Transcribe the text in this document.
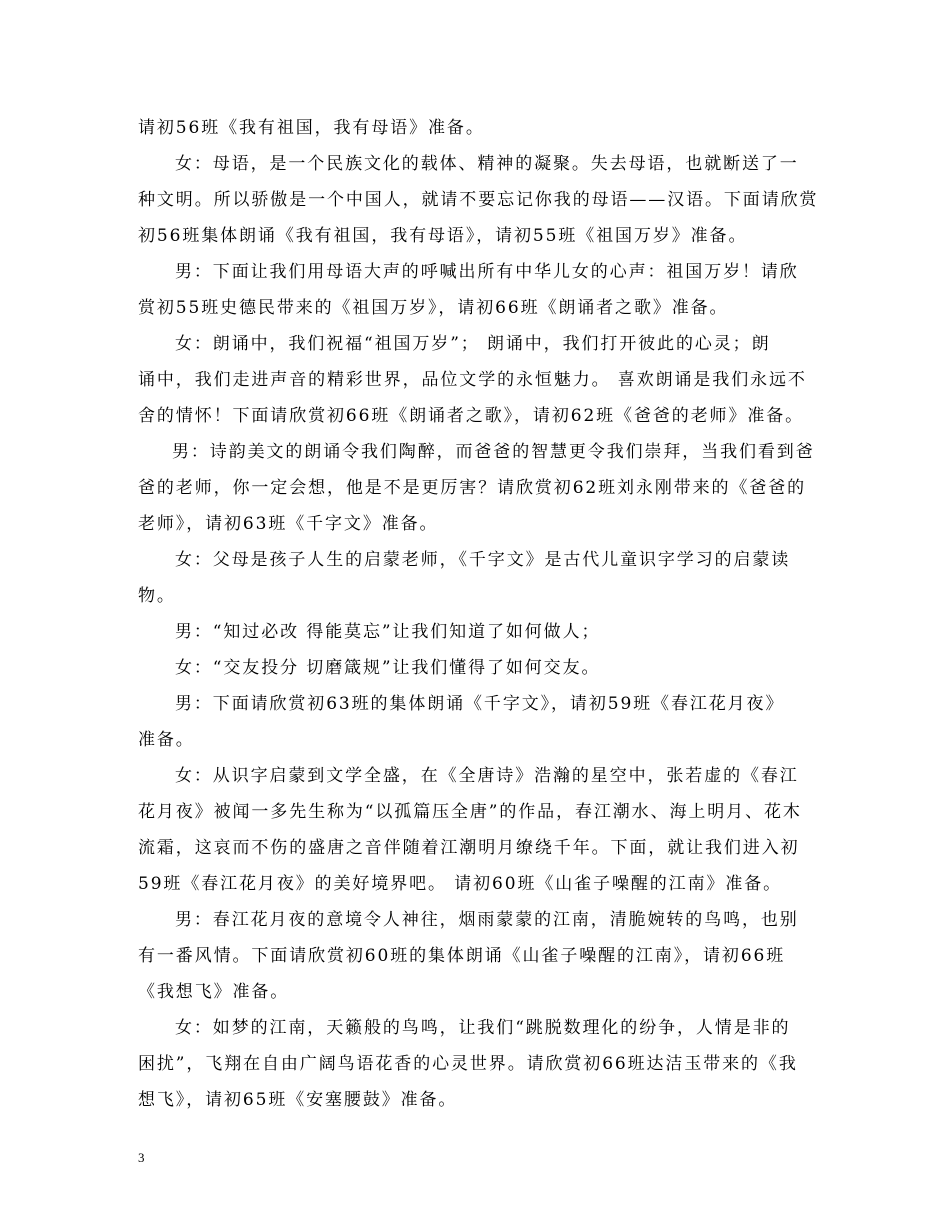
请初56班《我有祖国，我有母语》准备。
女：母语，是一个民族文化的载体、精神的凝聚。失去母语，也就断送了一
种文明。所以骄傲是一个中国人，就请不要忘记你我的母语——汉语。下面请欣赏
初56班集体朗诵《我有祖国，我有母语》，请初55班《祖国万岁》准备。
男：下面让我们用母语大声的呼喊出所有中华儿女的心声：祖国万岁！请欣
赏初55班史德民带来的《祖国万岁》，请初66班《朗诵者之歌》准备。
女：朗诵中，我们祝福“祖国万岁”； 朗诵中，我们打开彼此的心灵；朗
诵中，我们走进声音的精彩世界，品位文学的永恒魅力。 喜欢朗诵是我们永远不
舍的情怀！下面请欣赏初66班《朗诵者之歌》，请初62班《爸爸的老师》准备。
男：诗韵美文的朗诵令我们陶醉，而爸爸的智慧更令我们崇拜，当我们看到爸
爸的老师，你一定会想，他是不是更厉害？请欣赏初62班刘永刚带来的《爸爸的
老师》，请初63班《千字文》准备。
女：父母是孩子人生的启蒙老师，《千字文》是古代儿童识字学习的启蒙读
物。
男：“知过必改 得能莫忘”让我们知道了如何做人；
女：“交友投分 切磨箴规”让我们懂得了如何交友。
男：下面请欣赏初63班的集体朗诵《千字文》，请初59班《春江花月夜》
准备。
女：从识字启蒙到文学全盛，在《全唐诗》浩瀚的星空中，张若虚的《春江
花月夜》被闻一多先生称为“以孤篇压全唐”的作品，春江潮水、海上明月、花木
流霜，这哀而不伤的盛唐之音伴随着江潮明月缭绕千年。下面，就让我们进入初
59班《春江花月夜》的美好境界吧。 请初60班《山雀子噪醒的江南》准备。
男：春江花月夜的意境令人神往，烟雨蒙蒙的江南，清脆婉转的鸟鸣，也别
有一番风情。下面请欣赏初60班的集体朗诵《山雀子噪醒的江南》，请初66班
《我想飞》准备。
女：如梦的江南，天籁般的鸟鸣，让我们“跳脱数理化的纷争，人情是非的
困扰”，飞翔在自由广阔鸟语花香的心灵世界。请欣赏初66班达洁玉带来的《我
想飞》，请初65班《安塞腰鼓》准备。
3
